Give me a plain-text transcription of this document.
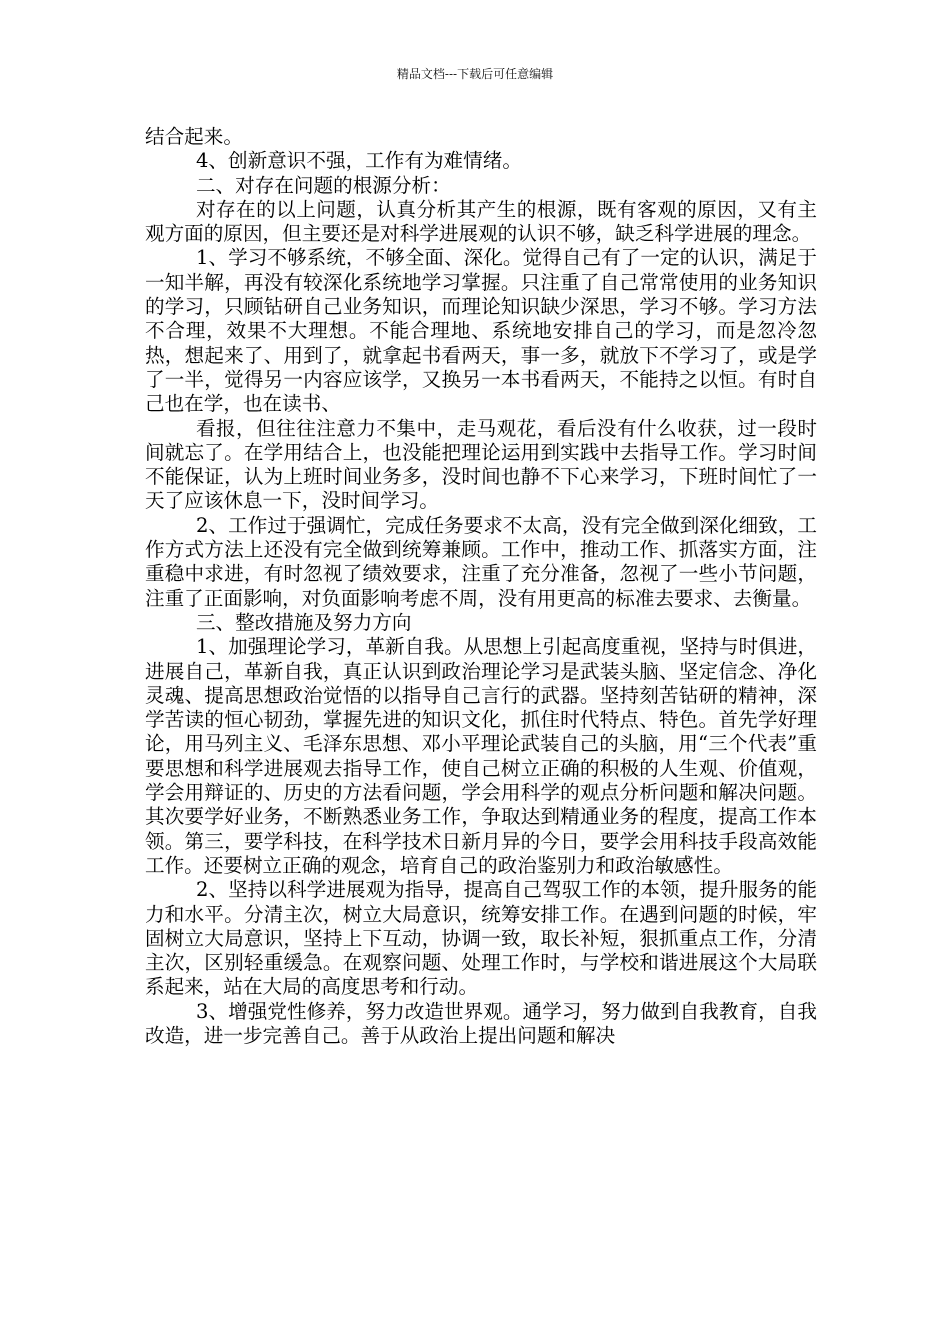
精品文档---下载后可任意编辑

结合起来。

4、创新意识不强，工作有为难情绪。

二、对存在问题的根源分析：

对存在的以上问题，认真分析其产生的根源，既有客观的原因，又有主观方面的原因，但主要还是对科学进展观的认识不够，缺乏科学进展的理念。

1、学习不够系统，不够全面、深化。觉得自己有了一定的认识，满足于一知半解，再没有较深化系统地学习掌握。只注重了自己常常使用的业务知识的学习，只顾钻研自己业务知识，而理论知识缺少深思，学习不够。学习方法不合理，效果不大理想。不能合理地、系统地安排自己的学习，而是忽冷忽热，想起来了、用到了，就拿起书看两天，事一多，就放下不学习了，或是学了一半，觉得另一内容应该学，又换另一本书看两天，不能持之以恒。有时自己也在学，也在读书、

看报，但往往注意力不集中，走马观花，看后没有什么收获，过一段时间就忘了。在学用结合上，也没能把理论运用到实践中去指导工作。学习时间不能保证，认为上班时间业务多，没时间也静不下心来学习，下班时间忙了一天了应该休息一下，没时间学习。

2、工作过于强调忙，完成任务要求不太高，没有完全做到深化细致，工作方式方法上还没有完全做到统筹兼顾。工作中，推动工作、抓落实方面，注重稳中求进，有时忽视了绩效要求，注重了充分准备，忽视了一些小节问题，注重了正面影响，对负面影响考虑不周，没有用更高的标准去要求、去衡量。

三、整改措施及努力方向

1、加强理论学习，革新自我。从思想上引起高度重视，坚持与时俱进，进展自己，革新自我，真正认识到政治理论学习是武装头脑、坚定信念、净化灵魂、提高思想政治觉悟的以指导自己言行的武器。坚持刻苦钻研的精神，深学苦读的恒心韧劲，掌握先进的知识文化，抓住时代特点、特色。首先学好理论，用马列主义、毛泽东思想、邓小平理论武装自己的头脑，用“三个代表”重要思想和科学进展观去指导工作，使自己树立正确的积极的人生观、价值观，学会用辩证的、历史的方法看问题，学会用科学的观点分析问题和解决问题。其次要学好业务，不断熟悉业务工作，争取达到精通业务的程度，提高工作本领。第三，要学科技，在科学技术日新月异的今日，要学会用科技手段高效能工作。还要树立正确的观念，培育自己的政治鉴别力和政治敏感性。

2、坚持以科学进展观为指导，提高自己驾驭工作的本领，提升服务的能力和水平。分清主次，树立大局意识，统筹安排工作。在遇到问题的时候，牢固树立大局意识，坚持上下互动，协调一致，取长补短，狠抓重点工作，分清主次，区别轻重缓急。在观察问题、处理工作时，与学校和谐进展这个大局联系起来，站在大局的高度思考和行动。

3、增强党性修养，努力改造世界观。通学习，努力做到自我教育，自我改造，进一步完善自己。善于从政治上提出问题和解决
